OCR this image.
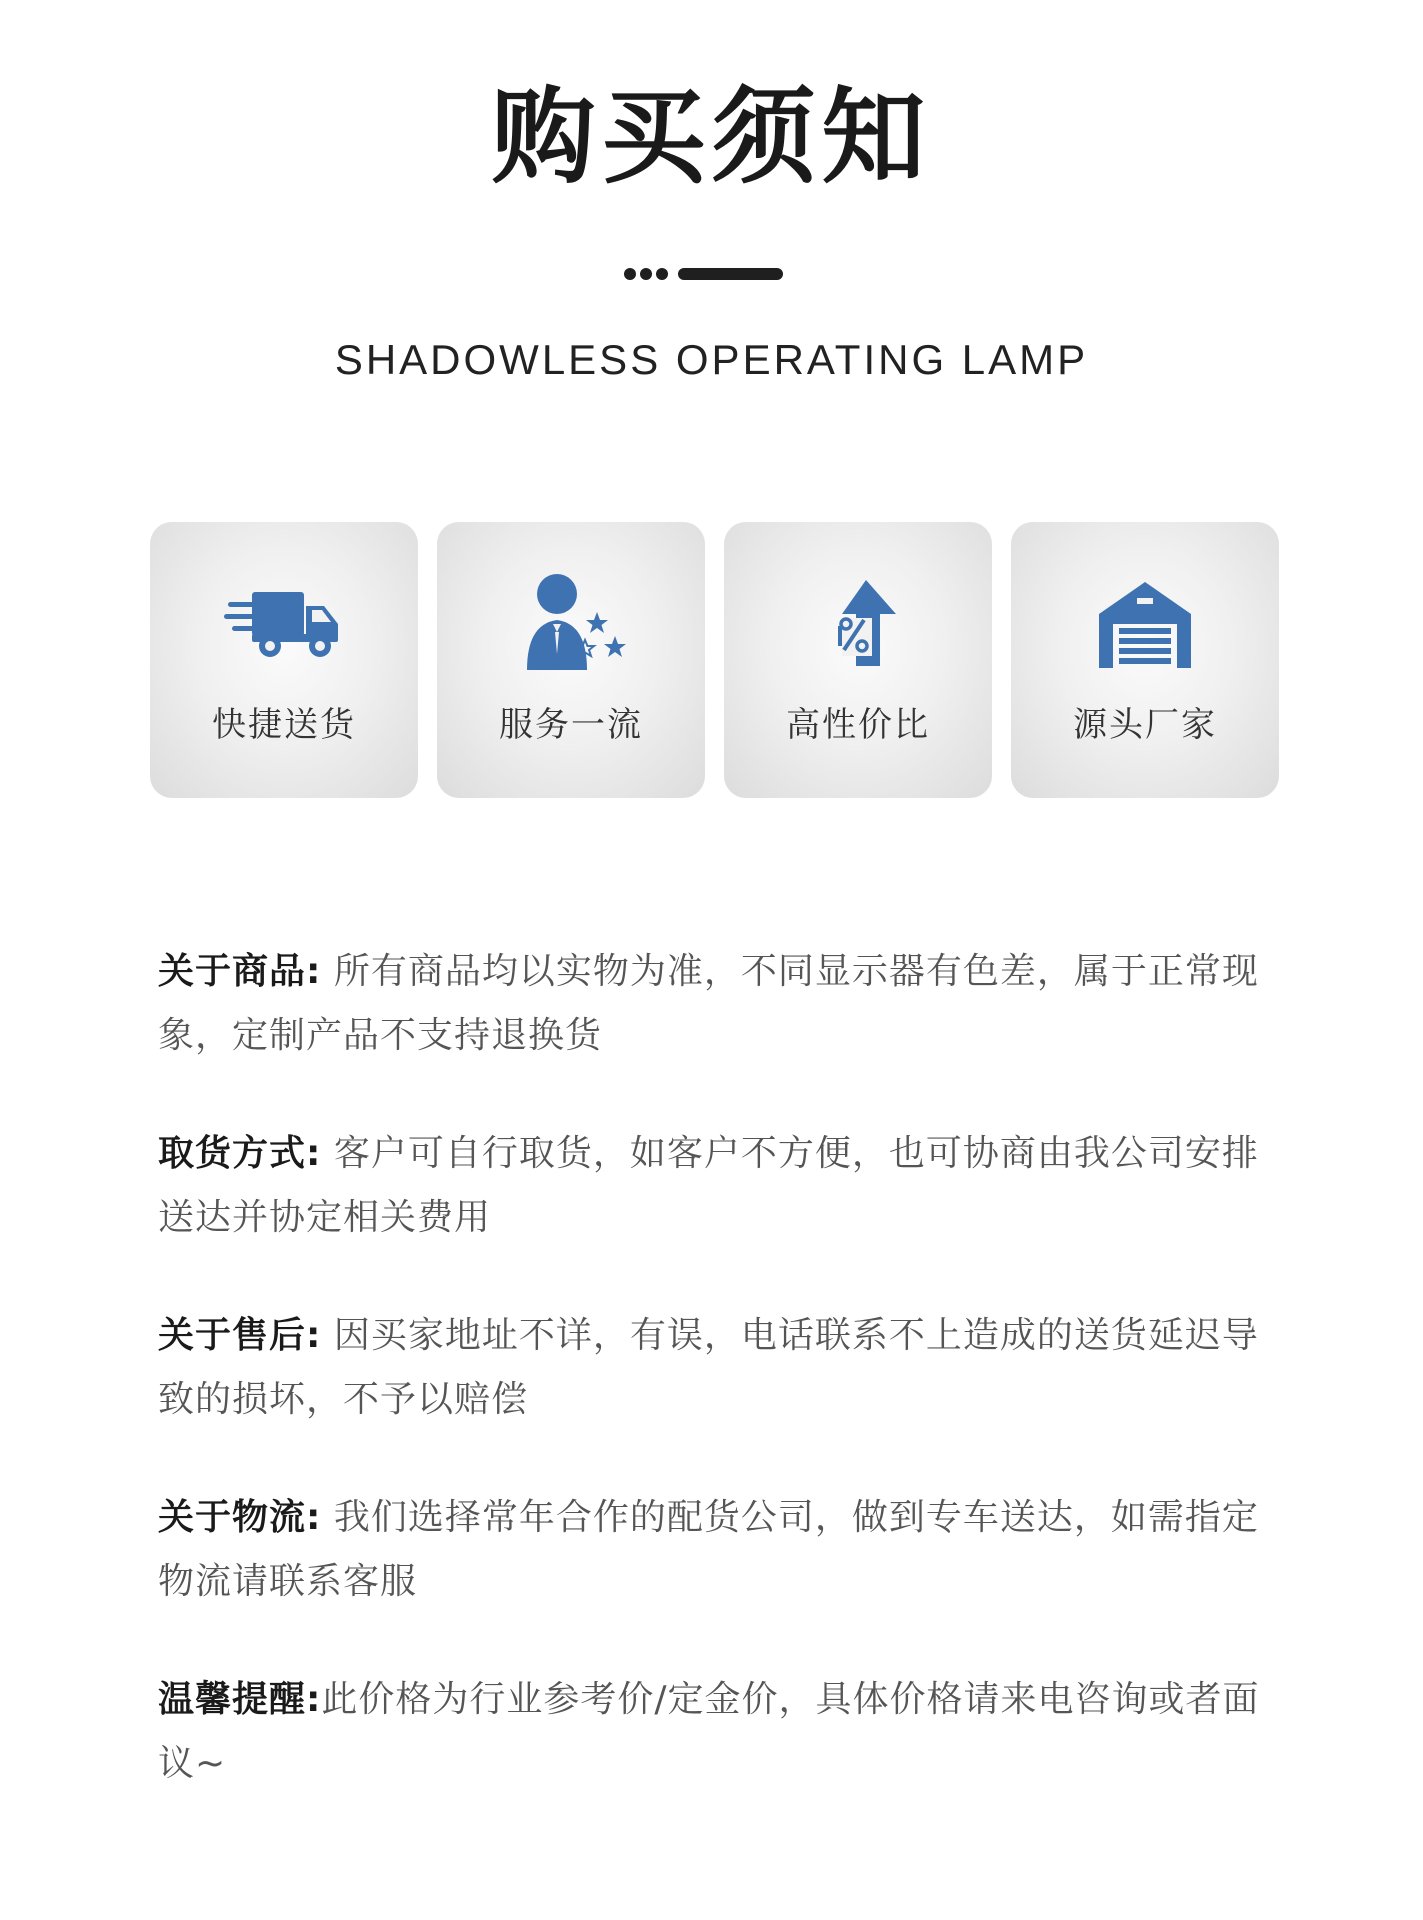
购买须知
SHADOWLESS OPERATING LAMP
快捷送货	服务一流	高性价比	源头厂家

关于商品: 所有商品均以实物为准，不同显示器有色差，属于正常现象，定制产品不支持退换货

取货方式: 客户可自行取货，如客户不方便，也可协商由我公司安排送达并协定相关费用

关于售后: 因买家地址不详，有误，电话联系不上造成的送货延迟导致的损坏，不予以赔偿

关于物流: 我们选择常年合作的配货公司，做到专车送达，如需指定物流请联系客服

温馨提醒:此价格为行业参考价/定金价，具体价格请来电咨询或者面议~
